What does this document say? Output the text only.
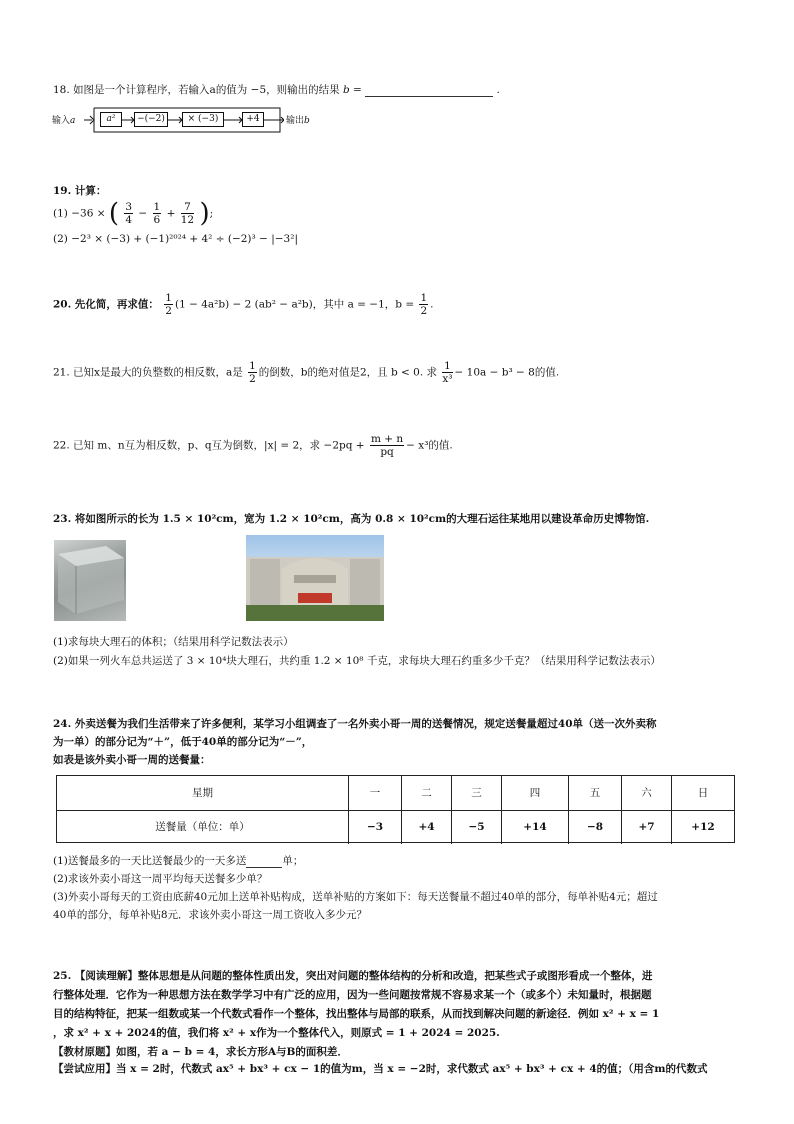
18. 如图是一个计算程序，若输入a的值为 −5，则输出的结果 b =	.
输入a	a²	−(−2)	× (−3)	+4	输出b
19. 计算：
(1) −36 × ( $\frac{3}{4} - \frac{1}{6} + \frac{7}{12}$ );
(2) −2³ × (−3) + (−1)²⁰²⁴ + 4² ÷ (−2)³ − |−3²|
20. 先化简，再求值： $\frac{1}{2} (1 - 4a^2b) - 2$ (ab² − a²b)，其中 a = −1，$b = \frac{1}{2}$ .
21. 已知x是最大的负整数的相反数，a是 $\frac{1}{2}$ 的倒数，b的绝对值是2，且 b < 0. 求 $\frac{1}{\text{x³}} - 10a - b^3 - 8$的值.
22. 已知 m、n互为相反数，p、q互为倒数，|x| = 2，求 $-2pq + \frac{m + n}{pq} - x^3$的值.
23. 将如图所示的长为 1.5 × 10²cm，宽为 1.2 × 10²cm，高为 0.8 × 10²cm的大理石运往某地用以建设革命历史博物馆.
(1)求每块大理石的体积；（结果用科学记数法表示）
(2)如果一列火车总共运送了 3 × 10⁴块大理石，共约重 1.2 × 10⁸ 千克，求每块大理石约重多少千克？（结果用科学记数法表示）
24. 外卖送餐为我们生活带来了许多便利，某学习小组调查了一名外卖小哥一周的送餐情况，规定送餐量超过40单（送一次外卖称
为一单）的部分记为“＋”，低于40单的部分记为“－”，
如表是该外卖小哥一周的送餐量：
星期	一	二	三	四	五	六	日
送餐量（单位：单）	−3	+4	−5	+14	−8	+7	+12
(1)送餐最多的一天比送餐最少的一天多送	单；
(2)求该外卖小哥这一周平均每天送餐多少单？
(3)外卖小哥每天的工资由底薪40元加上送单补贴构成，送单补贴的方案如下：每天送餐量不超过40单的部分，每单补贴4元；超过
40单的部分，每单补贴8元．求该外卖小哥这一周工资收入多少元？
25. 【阅读理解】整体思想是从问题的整体性质出发，突出对问题的整体结构的分析和改造，把某些式子或图形看成一个整体，进
行整体处理．它作为一种思想方法在数学学习中有广泛的应用，因为一些问题按常规不容易求某一个（或多个）未知量时，根据题
目的结构特征，把某一组数或某一个代数式看作一个整体，找出整体与局部的联系，从而找到解决问题的新途径．例如 x² + x = 1
，求 x² + x + 2024的值，我们将 x² + x作为一个整体代入，则原式 = 1 + 2024 = 2025.
【教材原题】如图，若 a − b = 4，求长方形A与B的面积差．
【尝试应用】当 x = 2时，代数式 ax⁵ + bx³ + cx − 1的值为m，当 x = −2时，求代数式 ax⁵ + bx³ + cx + 4的值；（用含m的代数式
